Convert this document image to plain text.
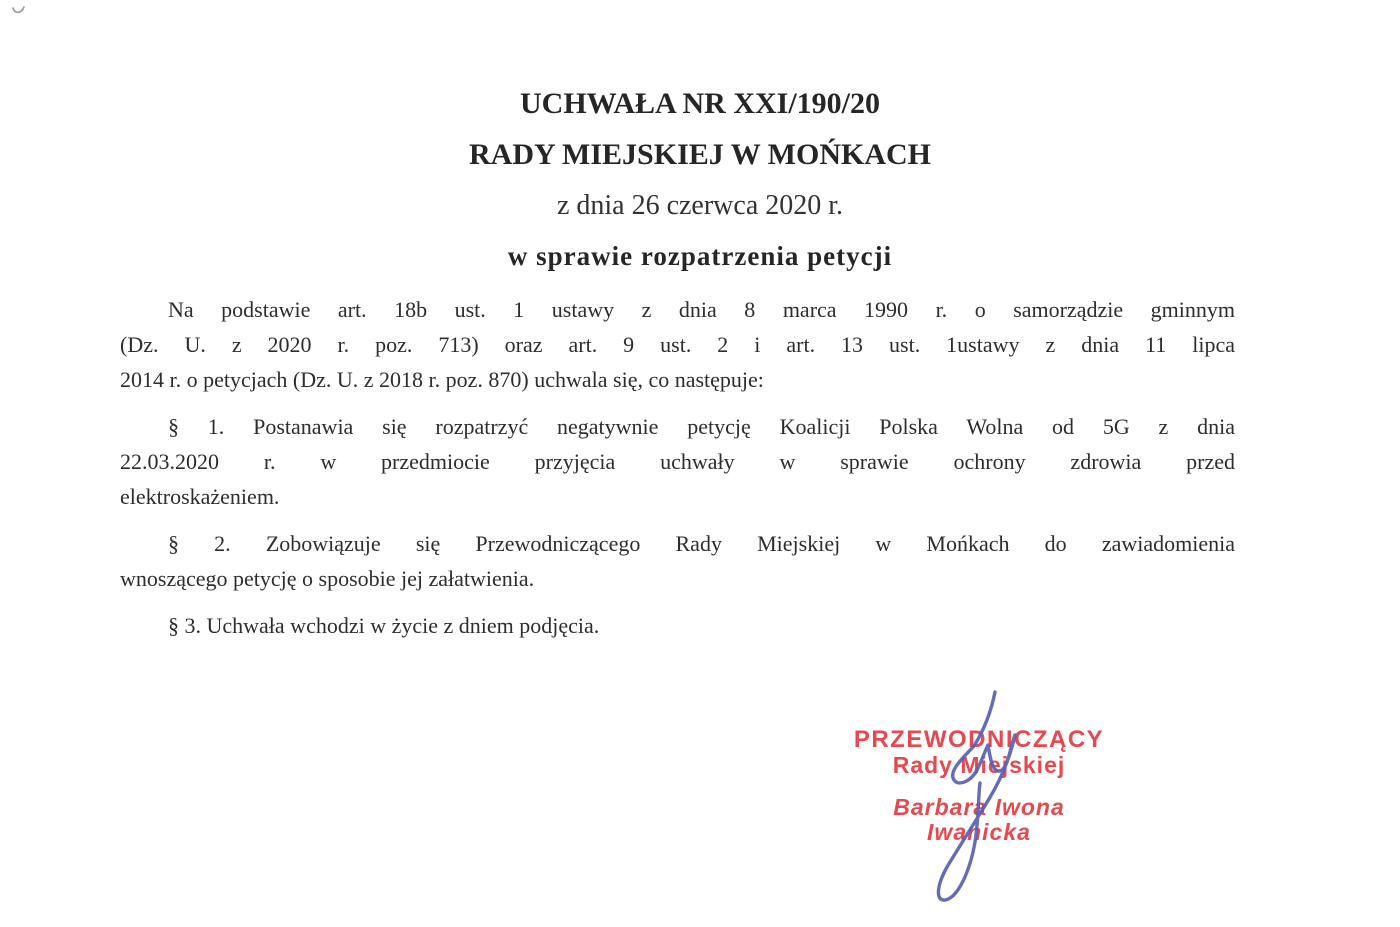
UCHWAŁA NR XXI/190/20
RADY MIEJSKIEJ W MOŃKACH
z dnia 26 czerwca 2020 r.
w sprawie rozpatrzenia petycji

Na podstawie art. 18b ust. 1 ustawy z dnia 8 marca 1990 r. o samorządzie gminnym
(Dz. U. z 2020 r. poz. 713) oraz art. 9 ust. 2 i art. 13 ust. 1ustawy z dnia 11 lipca
2014 r. o petycjach (Dz. U. z 2018 r. poz. 870) uchwala się, co następuje:

§ 1. Postanawia się rozpatrzyć negatywnie petycję Koalicji Polska Wolna od 5G z dnia
22.03.2020 r. w przedmiocie przyjęcia uchwały w sprawie ochrony zdrowia przed
elektroskażeniem.

§ 2. Zobowiązuje się Przewodniczącego Rady Miejskiej w Mońkach do zawiadomienia
wnoszącego petycję o sposobie jej załatwienia.

§ 3. Uchwała wchodzi w życie z dniem podjęcia.

PRZEWODNICZĄCY
Rady Miejskiej
Barbara Iwona Iwanicka
